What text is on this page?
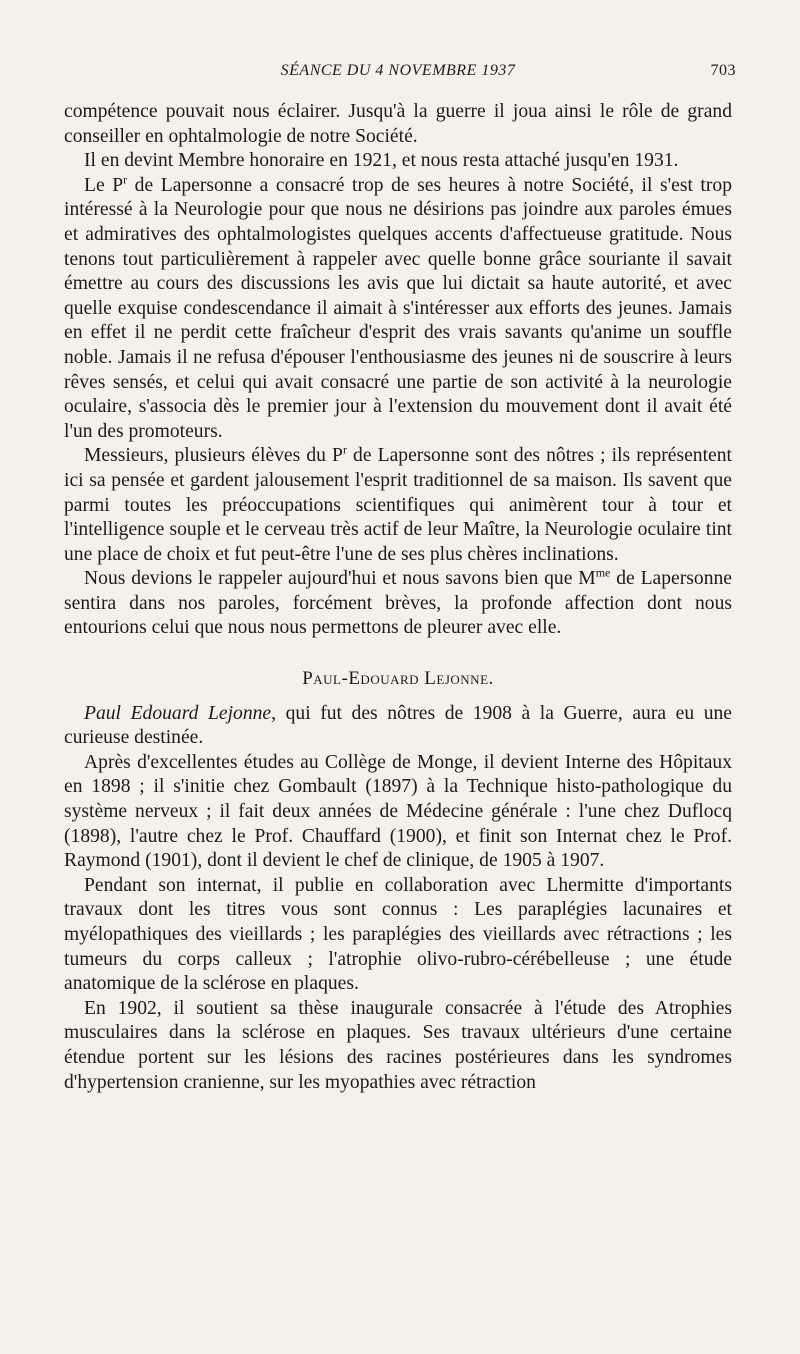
SÉANCE DU 4 NOVEMBRE 1937	703

compétence pouvait nous éclairer. Jusqu'à la guerre il joua ainsi le rôle de grand conseiller en ophtalmologie de notre Société.

Il en devint Membre honoraire en 1921, et nous resta attaché jusqu'en 1931.

Le $P^r$ de Lapersonne a consacré trop de ses heures à notre Société, il s'est trop intéressé à la Neurologie pour que nous ne désirions pas joindre aux paroles émues et admiratives des ophtalmologistes quelques accents d'affectueuse gratitude. Nous tenons tout particulièrement à rappeler avec quelle bonne grâce souriante il savait émettre au cours des discussions les avis que lui dictait sa haute autorité, et avec quelle exquise condescendance il aimait à s'intéresser aux efforts des jeunes. Jamais en effet il ne perdit cette fraîcheur d'esprit des vrais savants qu'anime un souffle noble. Jamais il ne refusa d'épouser l'enthousiasme des jeunes ni de souscrire à leurs rêves sensés, et celui qui avait consacré une partie de son activité à la neurologie oculaire, s'associa dès le premier jour à l'extension du mouvement dont il avait été l'un des promoteurs.

Messieurs, plusieurs élèves du $P^r$ de Lapersonne sont des nôtres ; ils représentent ici sa pensée et gardent jalousement l'esprit traditionnel de sa maison. Ils savent que parmi toutes les préoccupations scientifiques qui animèrent tour à tour et l'intelligence souple et le cerveau très actif de leur Maître, la Neurologie oculaire tint une place de choix et fut peut-être l'une de ses plus chères inclinations.

Nous devions le rappeler aujourd'hui et nous savons bien que $M^{me}$ de Lapersonne sentira dans nos paroles, forcément brèves, la profonde affection dont nous entourions celui que nous nous permettons de pleurer avec elle.

Paul-Edouard Lejonne.

Paul Edouard Lejonne, qui fut des nôtres de 1908 à la Guerre, aura eu une curieuse destinée.

Après d'excellentes études au Collège de Monge, il devient Interne des Hôpitaux en 1898 ; il s'initie chez Gombault (1897) à la Technique histo-pathologique du système nerveux ; il fait deux années de Médecine générale : l'une chez Duflocq (1898), l'autre chez le Prof. Chauffard (1900), et finit son Internat chez le Prof. Raymond (1901), dont il devient le chef de clinique, de 1905 à 1907.

Pendant son internat, il publie en collaboration avec Lhermitte d'importants travaux dont les titres vous sont connus : Les paraplégies lacunaires et myélopathiques des vieillards ; les paraplégies des vieillards avec rétractions ; les tumeurs du corps calleux ; l'atrophie olivo-rubro-cérébelleuse ; une étude anatomique de la sclérose en plaques.

En 1902, il soutient sa thèse inaugurale consacrée à l'étude des Atrophies musculaires dans la sclérose en plaques. Ses travaux ultérieurs d'une certaine étendue portent sur les lésions des racines postérieures dans les syndromes d'hypertension cranienne, sur les myopathies avec rétraction
